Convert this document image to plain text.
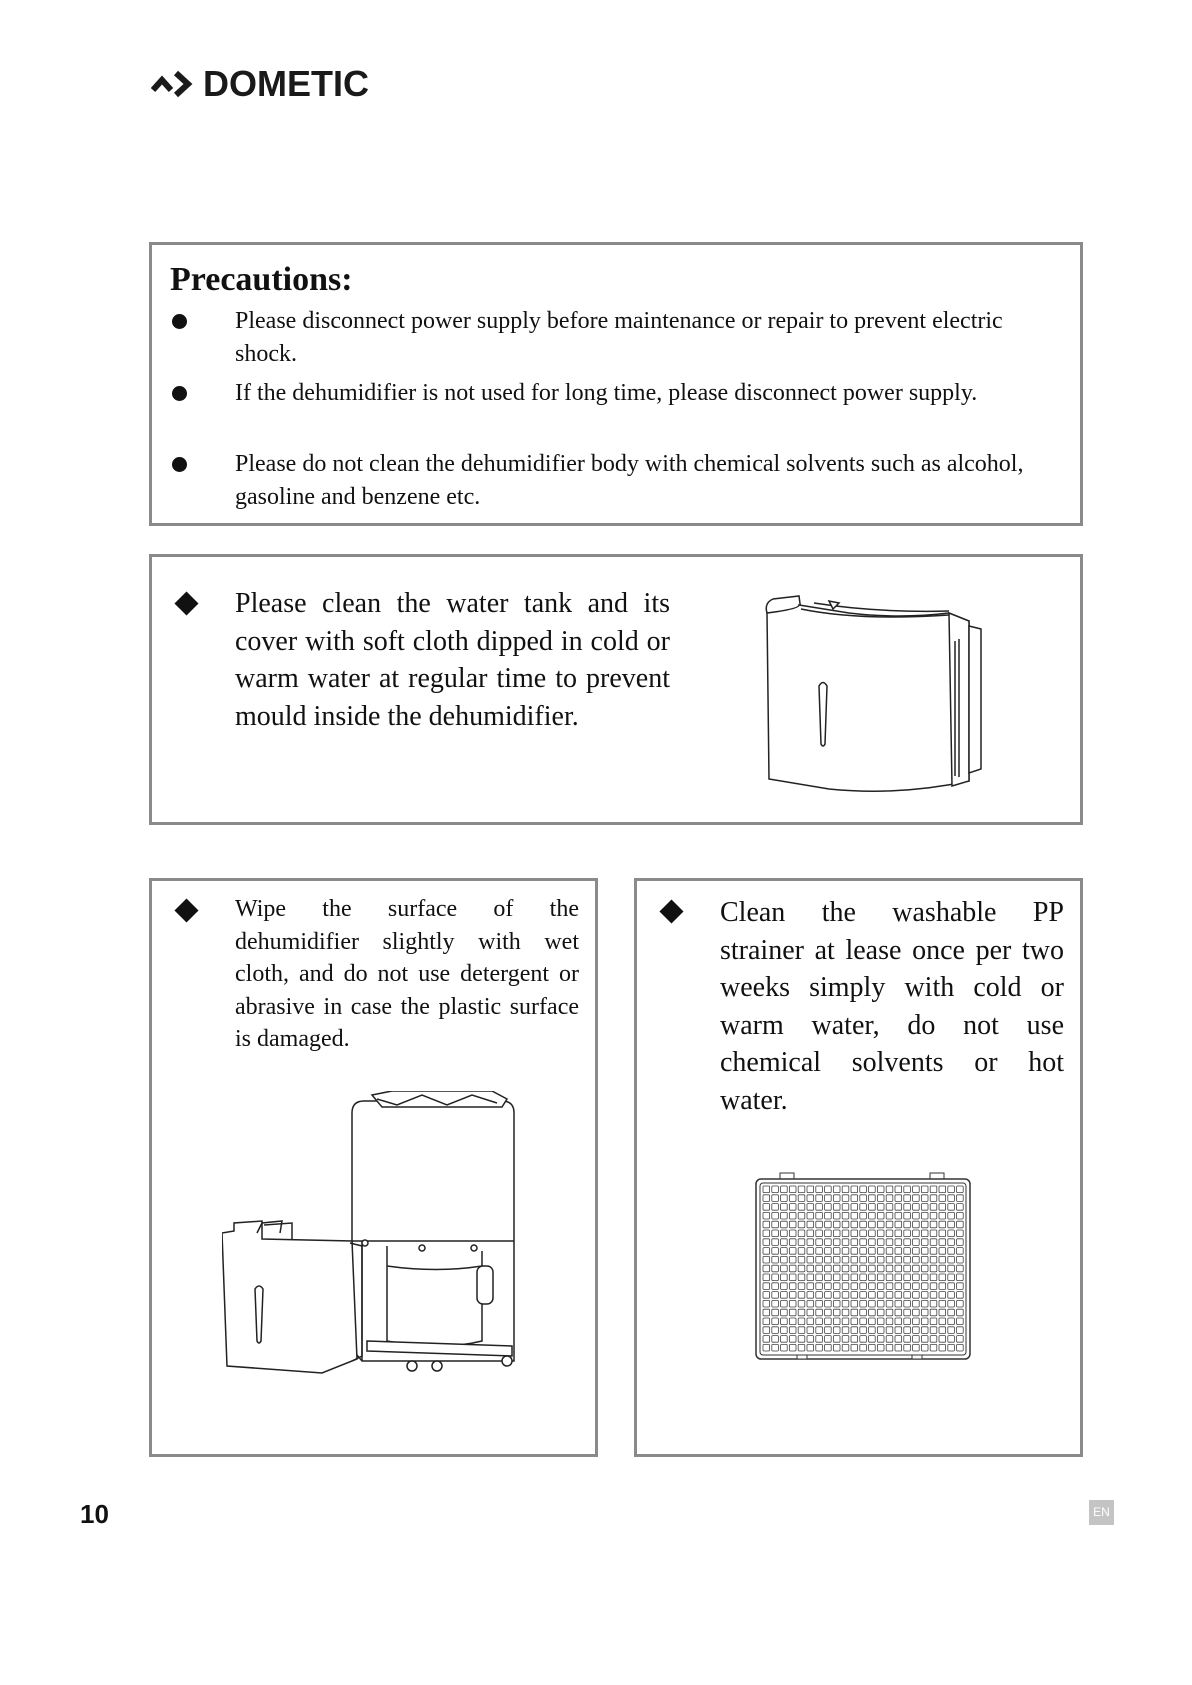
DOMETIC
Precautions:
Please disconnect power supply before maintenance or repair to prevent electric shock.
If the dehumidifier is not used for long time, please disconnect power supply.
Please do not clean the dehumidifier body with chemical solvents such as alcohol, gasoline and benzene etc.
Please clean the water tank and its cover with soft cloth dipped in cold or warm water at regular time to prevent mould inside the dehumidifier.
Wipe the surface of the dehumidifier slightly with wet cloth, and do not use detergent or abrasive in case the plastic surface is damaged.
Clean the washable PP strainer at lease once per two weeks simply with cold or warm water, do not use chemical solvents or hot water.
10	EN
